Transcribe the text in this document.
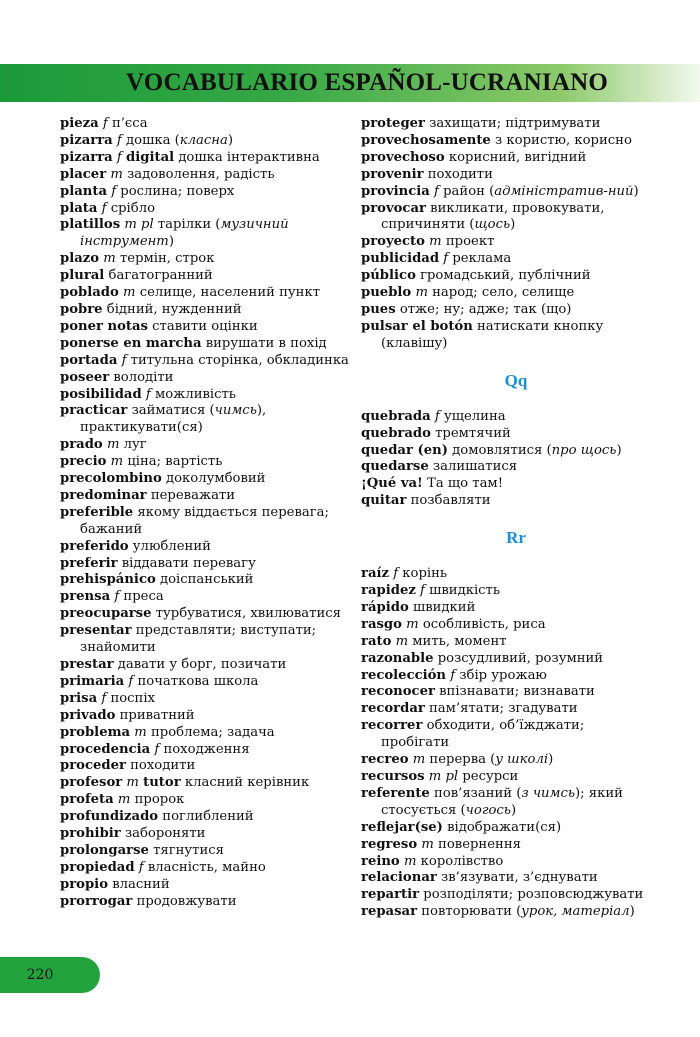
VOCABULARIO ESPAÑOL-UCRANIANO
pieza f п’єса
pizarra f дошка (класна)
pizarra f digital дошка інтерактивна
placer m задоволення, радість
planta f рослина; поверх
plata f срібло
platillos m pl тарілки (музичний інструмент)
plazo m термін, строк
plural багатогранний
poblado m селище, населений пункт
pobre бідний, нужденний
poner notas ставити оцінки
ponerse en marcha вирушати в похід
portada f титульна сторінка, обкладинка
poseer володіти
posibilidad f можливість
practicar займатися (чимсь), практикувати(ся)
prado m луг
precio m ціна; вартість
precolombino доколумбовий
predominar переважати
preferible якому віддається перевага; бажаний
preferido улюблений
preferir віддавати перевагу
prehispánico доіспанський
prensa f преса
preocuparse турбуватися, хвилюватися
presentar представляти; виступати; знайомити
prestar давати у борг, позичати
primaria f початкова школа
prisa f поспіх
privado приватний
problema m проблема; задача
procedencia f походження
proceder походити
profesor m tutor класний керівник
profeta m пророк
profundizado поглиблений
prohibir забороняти
prolongarse тягнутися
propiedad f власність, майно
propio власний
prorrogar продовжувати
proteger захищати; підтримувати
provechosamente з користю, корисно
provechoso корисний, вигідний
provenir походити
provincia f район (адміністратив-ний)
provocar викликати, провокувати, спричиняти (щось)
proyecto m проект
publicidad f реклама
público громадський, публічний
pueblo m народ; село, селище
pues отже; ну; адже; так (що)
pulsar el botón натискати кнопку (клавішу)
Qq
quebrada f ущелина
quebrado тремтячий
quedar (en) домовлятися (про щось)
quedarse залишатися
¡Qué va! Та що там!
quitar позбавляти
Rr
raíz f корінь
rapidez f швидкість
rápido швидкий
rasgo m особливість, риса
rato m мить, момент
razonable розсудливий, розумний
recolección f збір урожаю
reconocer впізнавати; визнавати
recordar пам’ятати; згадувати
recorrer обходити, об’їжджати; пробігати
recreo m перерва (у школі)
recursos m pl ресурси
referente пов’язаний (з чимсь); який стосується (чогось)
reflejar(se) відображати(ся)
regreso m повернення
reino m королівство
relacionar зв’язувати, з’єднувати
repartir розподіляти; розповсюджувати
repasar повторювати (урок, матеріал)
220
